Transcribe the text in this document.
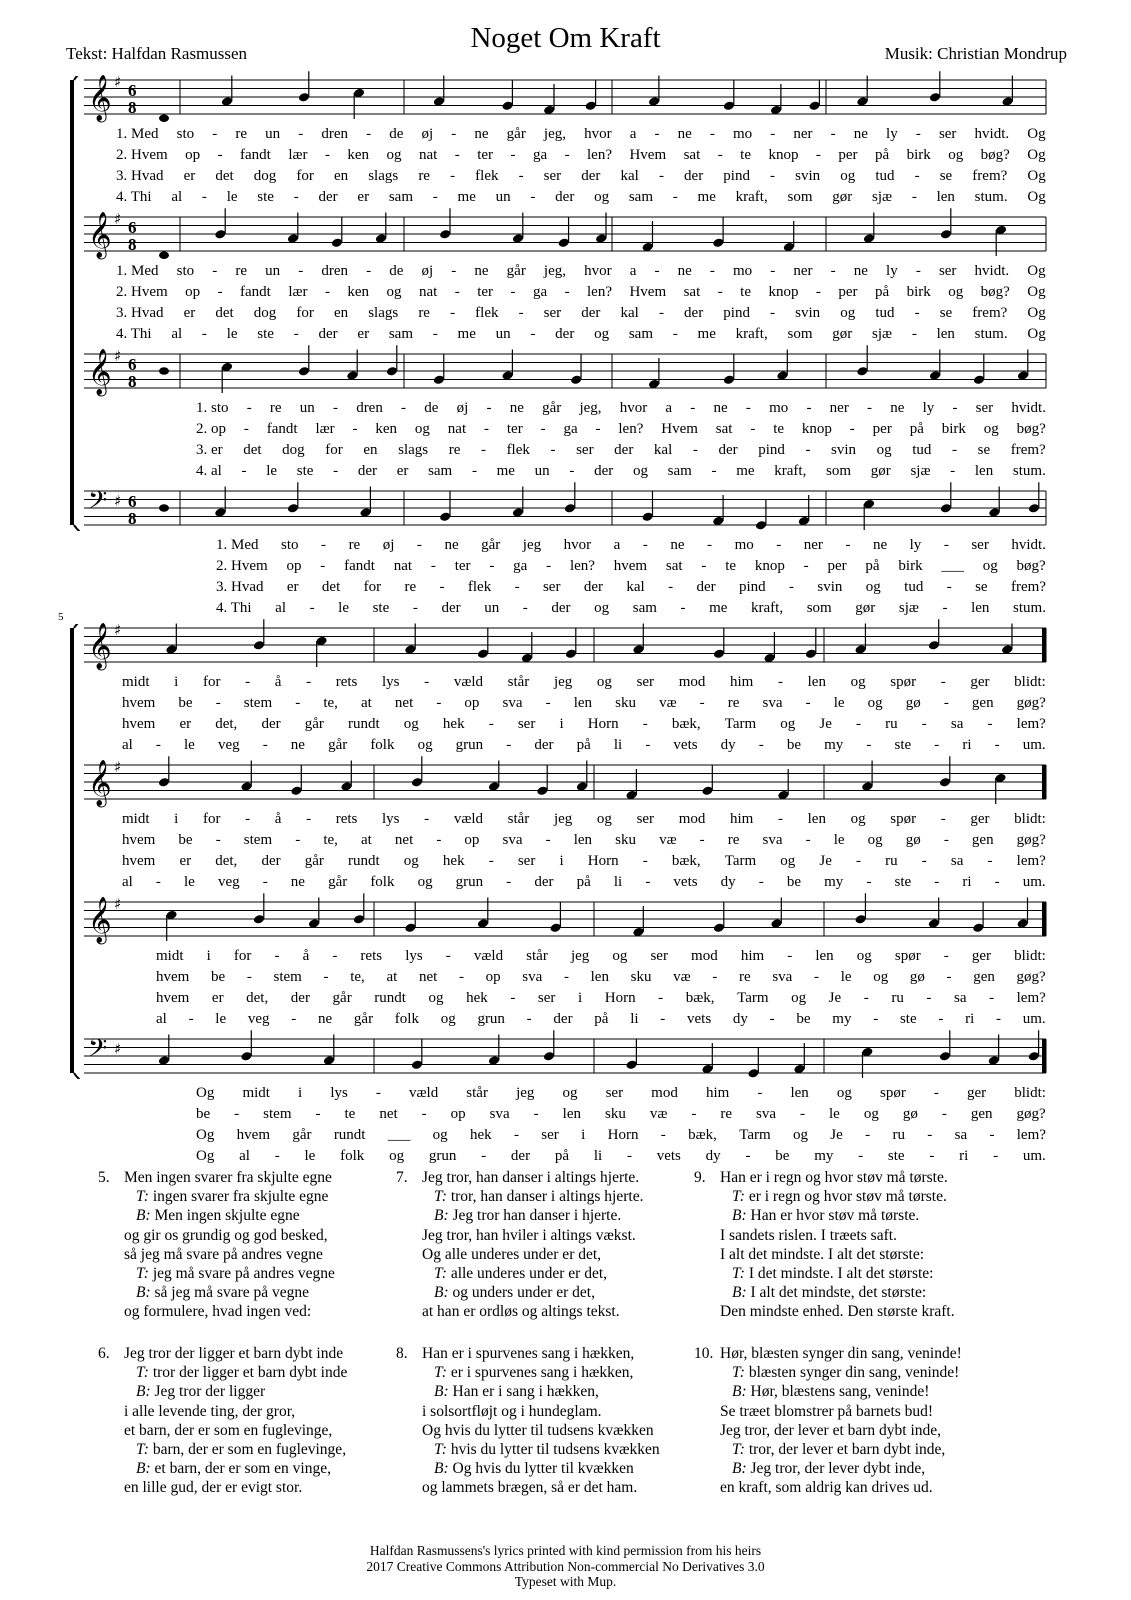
Tekst: Halfdan Rasmussen	Noget Om Kraft	Musik: Christian Mondrup
𝄞 ♯ 6
8
1. Med sto - re un - dren - de øj - ne går jeg, hvor a - ne - mo - ner - ne ly - ser hvidt. Og
2. Hvem op - fandt lær - ken og nat - ter - ga - len? Hvem sat - te knop - per på birk og bøg? Og
3. Hvad er det dog for en slags re - flek - ser der kal - der pind - svin og tud - se frem? Og
4. Thi al - le ste - der er sam - me un - der og sam - me kraft, som gør sjæ - len stum. Og
𝄞 ♯ 6
8
1. Med sto - re un - dren - de øj - ne går jeg, hvor a - ne - mo - ner - ne ly - ser hvidt. Og
2. Hvem op - fandt lær - ken og nat - ter - ga - len? Hvem sat - te knop - per på birk og bøg? Og
3. Hvad er det dog for en slags re - flek - ser der kal - der pind - svin og tud - se frem? Og
4. Thi al - le ste - der er sam - me un - der og sam - me kraft, som gør sjæ - len stum. Og
𝄞 ♯ 6
8
1. sto - re un - dren - de øj - ne går jeg, hvor a - ne - mo - ner - ne ly - ser hvidt.
2. op - fandt lær - ken og nat - ter - ga - len? Hvem sat - te knop - per på birk og bøg?
3. er det dog for en slags re - flek - ser der kal - der pind - svin og tud - se frem?
4. al - le ste - der er sam - me un - der og sam - me kraft, som gør sjæ - len stum.
𝄢 ♯ 6
8
1. Med sto - re øj - ne går jeg hvor a - ne - mo - ner - ne ly - ser hvidt.
2. Hvem op - fandt nat - ter - ga - len? hvem sat - te knop - per på birk ___ og bøg?
3. Hvad er det for re - flek - ser der kal - der pind - svin og tud - se frem?
4. Thi al - le ste - der un - der og sam - me kraft, som gør sjæ - len stum.
5
𝄞 ♯
midt i for - å - rets lys - væld står jeg og ser mod him - len og spør - ger blidt:
hvem be - stem - te, at net - op sva - len sku væ - re sva - le og gø - gen gøg?
hvem er det, der går rundt og hek - ser i Horn - bæk, Tarm og Je - ru - sa - lem?
al - le veg - ne går folk og grun - der på li - vets dy - be my - ste - ri - um.
𝄞 ♯
midt i for - å - rets lys - væld står jeg og ser mod him - len og spør - ger blidt:
hvem be - stem - te, at net - op sva - len sku væ - re sva - le og gø - gen gøg?
hvem er det, der går rundt og hek - ser i Horn - bæk, Tarm og Je - ru - sa - lem?
al - le veg - ne går folk og grun - der på li - vets dy - be my - ste - ri - um.
𝄞 ♯
midt i for - å - rets lys - væld står jeg og ser mod him - len og spør - ger blidt:
hvem be - stem - te, at net - op sva - len sku væ - re sva - le og gø - gen gøg?
hvem er det, der går rundt og hek - ser i Horn - bæk, Tarm og Je - ru - sa - lem?
al - le veg - ne går folk og grun - der på li - vets dy - be my - ste - ri - um.
𝄢 ♯
Og midt i lys - væld står jeg og ser mod him - len og spør - ger blidt:
be - stem - te net - op sva - len sku væ - re sva - le og gø - gen gøg?
Og hvem går rundt ___ og hek - ser i Horn - bæk, Tarm og Je - ru - sa - lem?
Og al - le folk og grun - der på li - vets dy - be my - ste - ri - um.
5. Men ingen svarer fra skjulte egne
T: ingen svarer fra skjulte egne
B: Men ingen skjulte egne
og gir os grundig og god besked,
så jeg må svare på andres vegne
T: jeg må svare på andres vegne
B: så jeg må svare på vegne
og formulere, hvad ingen ved:
6. Jeg tror der ligger et barn dybt inde
T: tror der ligger et barn dybt inde
B: Jeg tror der ligger
i alle levende ting, der gror,
et barn, der er som en fuglevinge,
T: barn, der er som en fuglevinge,
B: et barn, der er som en vinge,
en lille gud, der er evigt stor.
7. Jeg tror, han danser i altings hjerte.
T: tror, han danser i altings hjerte.
B: Jeg tror han danser i hjerte.
Jeg tror, han hviler i altings vækst.
Og alle underes under er det,
T: alle underes under er det,
B: og unders under er det,
at han er ordløs og altings tekst.
8. Han er i spurvenes sang i hækken,
T: er i spurvenes sang i hækken,
B: Han er i sang i hækken,
i solsortfløjt og i hundeglam.
Og hvis du lytter til tudsens kvækken
T: hvis du lytter til tudsens kvækken
B: Og hvis du lytter til kvækken
og lammets brægen, så er det ham.
9. Han er i regn og hvor støv må tørste.
T: er i regn og hvor støv må tørste.
B: Han er hvor støv må tørste.
I sandets rislen. I træets saft.
I alt det mindste. I alt det største:
T: I det mindste. I alt det største:
B: I alt det mindste, det største:
Den mindste enhed. Den største kraft.
10. Hør, blæsten synger din sang, veninde!
T: blæsten synger din sang, veninde!
B: Hør, blæstens sang, veninde!
Se træet blomstrer på barnets bud!
Jeg tror, der lever et barn dybt inde,
T: tror, der lever et barn dybt inde,
B: Jeg tror, der lever dybt inde,
en kraft, som aldrig kan drives ud.
Halfdan Rasmussens's lyrics printed with kind permission from his heirs
2017 Creative Commons Attribution Non-commercial No Derivatives 3.0
Typeset with Mup.
